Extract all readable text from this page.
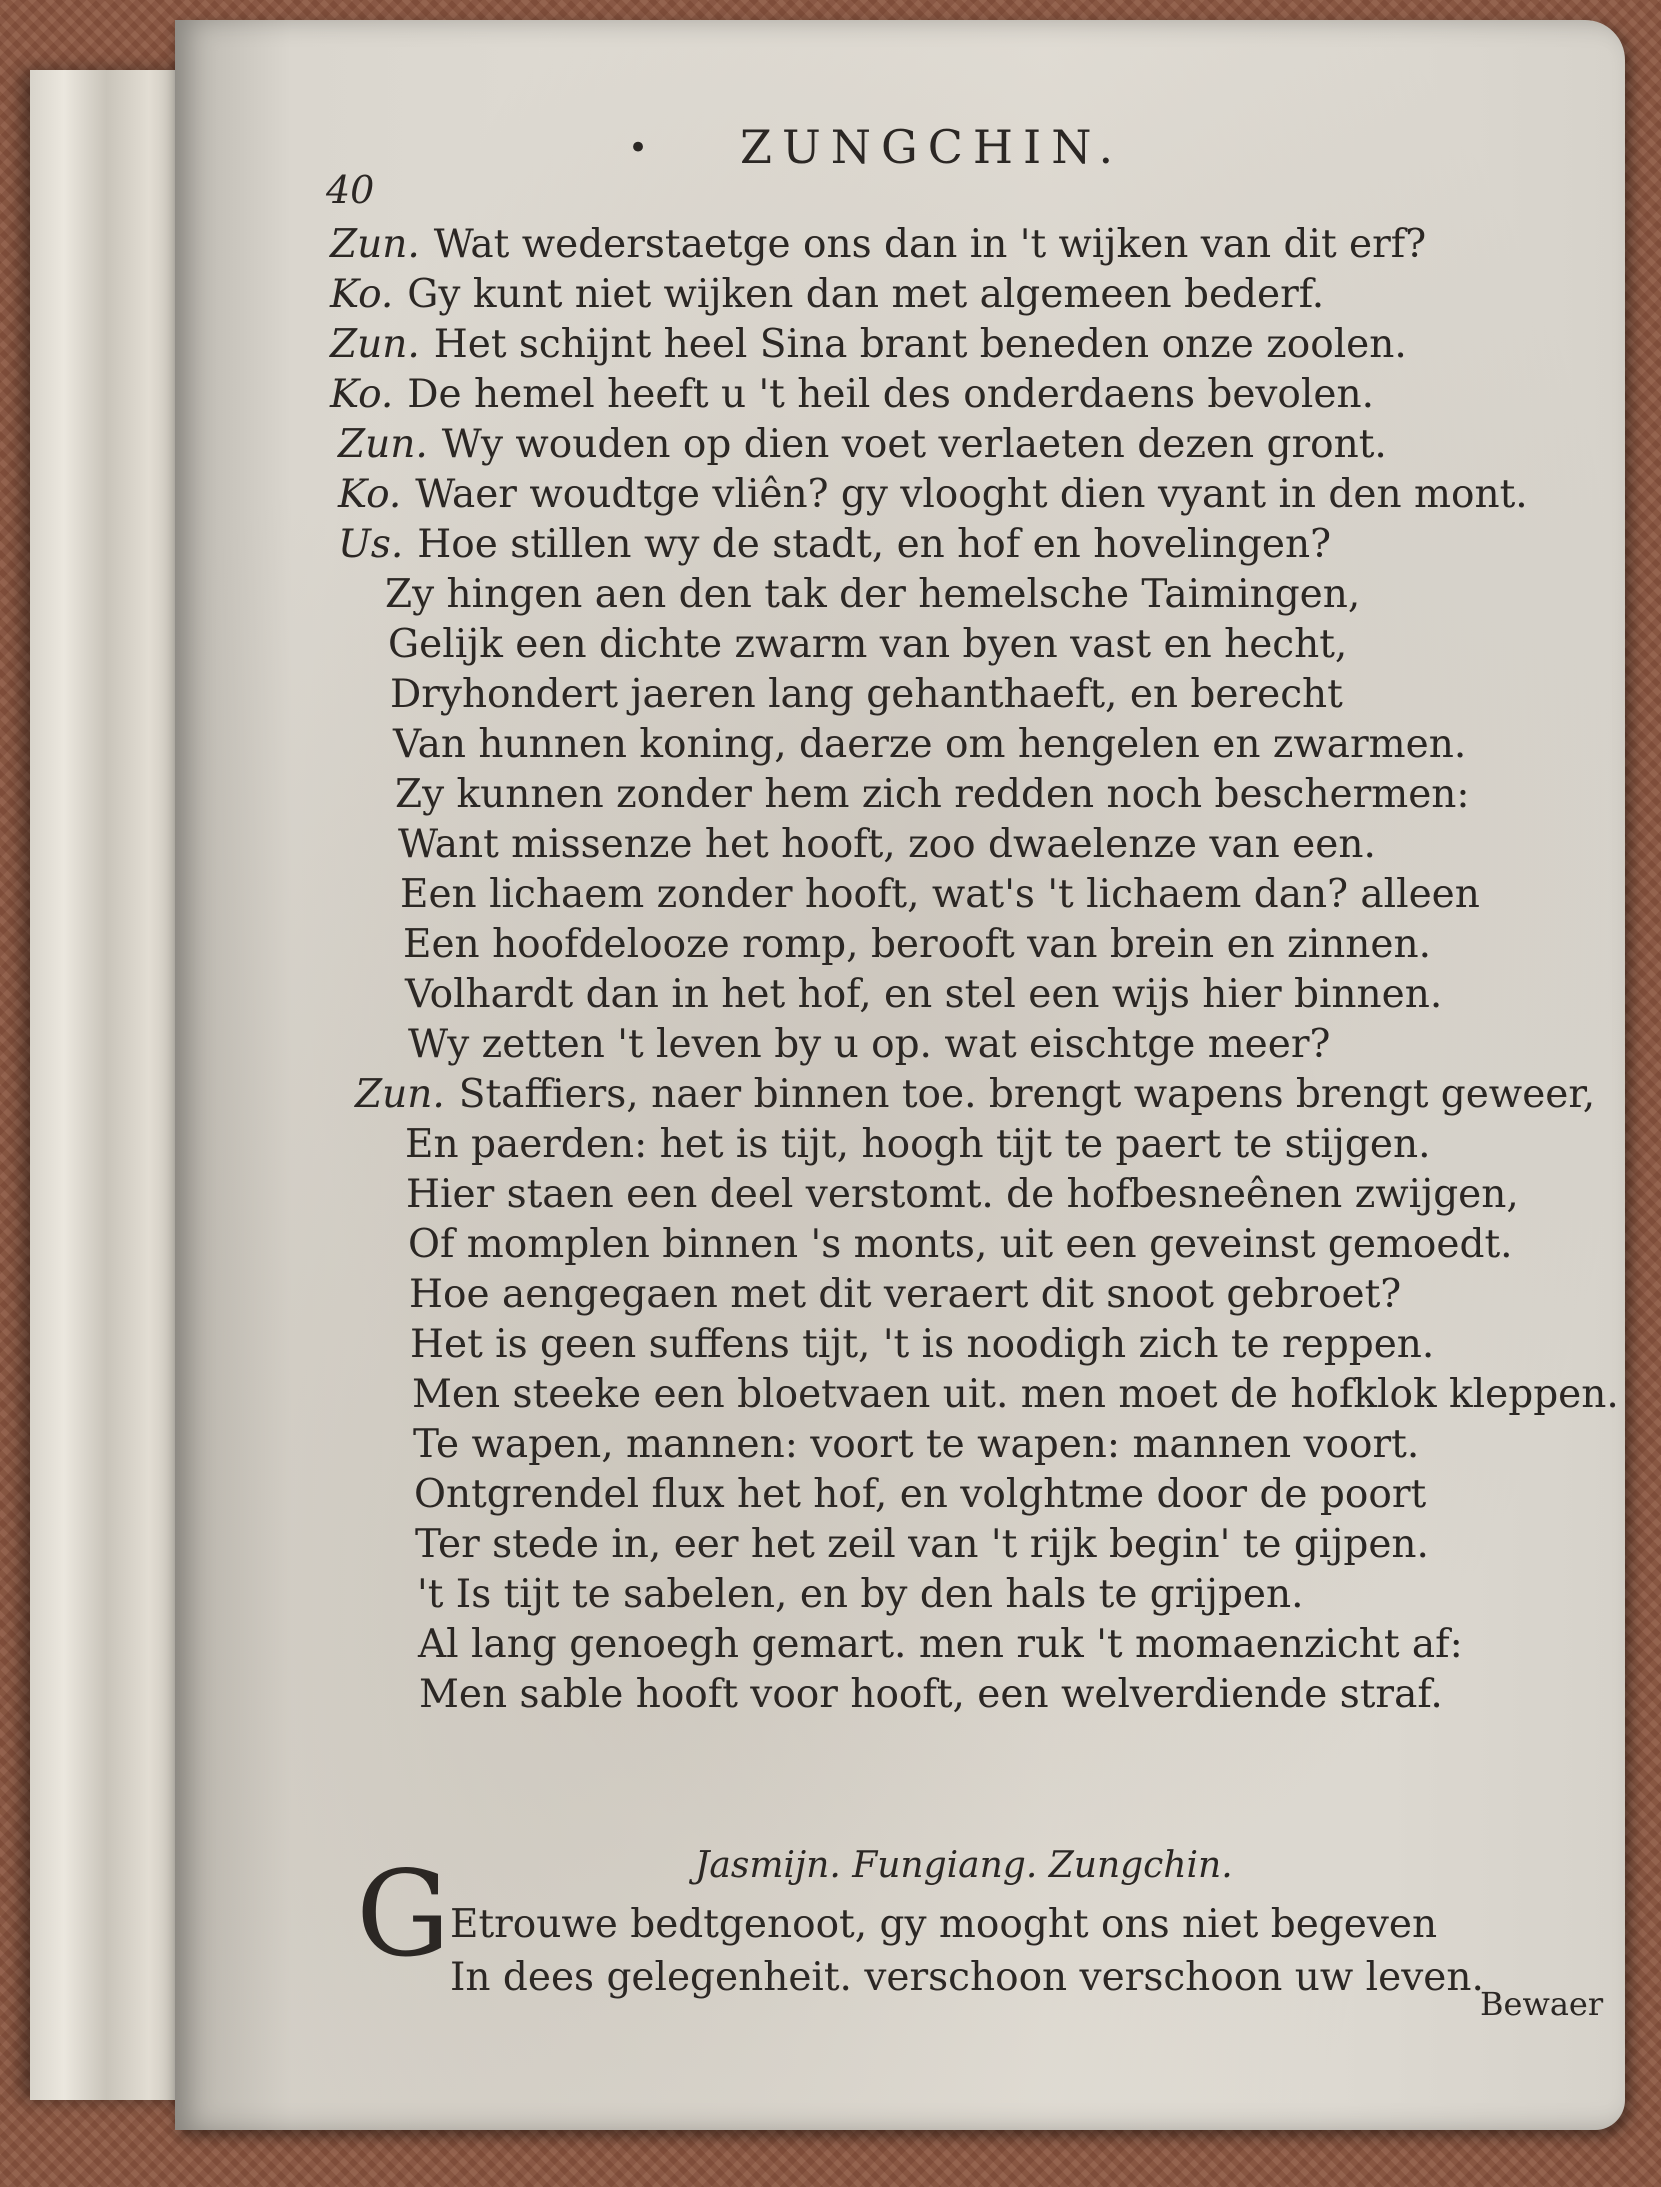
• ZUNGCHIN.
40
Zun. Wat wederstaetge ons dan in 't wijken van dit erf?
Ko. Gy kunt niet wijken dan met algemeen bederf.
Zun. Het schijnt heel Sina brant beneden onze zoolen.
Ko. De hemel heeft u 't heil des onderdaens bevolen.
Zun. Wy wouden op dien voet verlaeten dezen gront.
Ko. Waer woudtge vliên? gy vlooght dien vyant in den mont.
Us. Hoe stillen wy de stadt, en hof en hovelingen?
Zy hingen aen den tak der hemelsche Taimingen,
Gelijk een dichte zwarm van byen vast en hecht,
Dryhondert jaeren lang gehanthaeft, en berecht
Van hunnen koning, daerze om hengelen en zwarmen.
Zy kunnen zonder hem zich redden noch beschermen:
Want missenze het hooft, zoo dwaelenze van een.
Een lichaem zonder hooft, wat's 't lichaem dan? alleen
Een hoofdelooze romp, berooft van brein en zinnen.
Volhardt dan in het hof, en stel een wijs hier binnen.
Wy zetten 't leven by u op. wat eischtge meer?
Zun. Staffiers, naer binnen toe. brengt wapens brengt geweer,
En paerden: het is tijt, hoogh tijt te paert te stijgen.
Hier staen een deel verstomt. de hofbesneênen zwijgen,
Of momplen binnen 's monts, uit een geveinst gemoedt.
Hoe aengegaen met dit veraert dit snoot gebroet?
Het is geen suffens tijt, 't is noodigh zich te reppen.
Men steeke een bloetvaen uit. men moet de hofklok kleppen.
Te wapen, mannen: voort te wapen: mannen voort.
Ontgrendel flux het hof, en volghtme door de poort
Ter stede in, eer het zeil van 't rijk begin' te gijpen.
't Is tijt te sabelen, en by den hals te grijpen.
Al lang genoegh gemart. men ruk 't momaenzicht af:
Men sable hooft voor hooft, een welverdiende straf.
Jasmijn. Fungiang. Zungchin.
G Etrouwe bedtgenoot, gy mooght ons niet begeven
In dees gelegenheit. verschoon verschoon uw leven.
Bewaer
